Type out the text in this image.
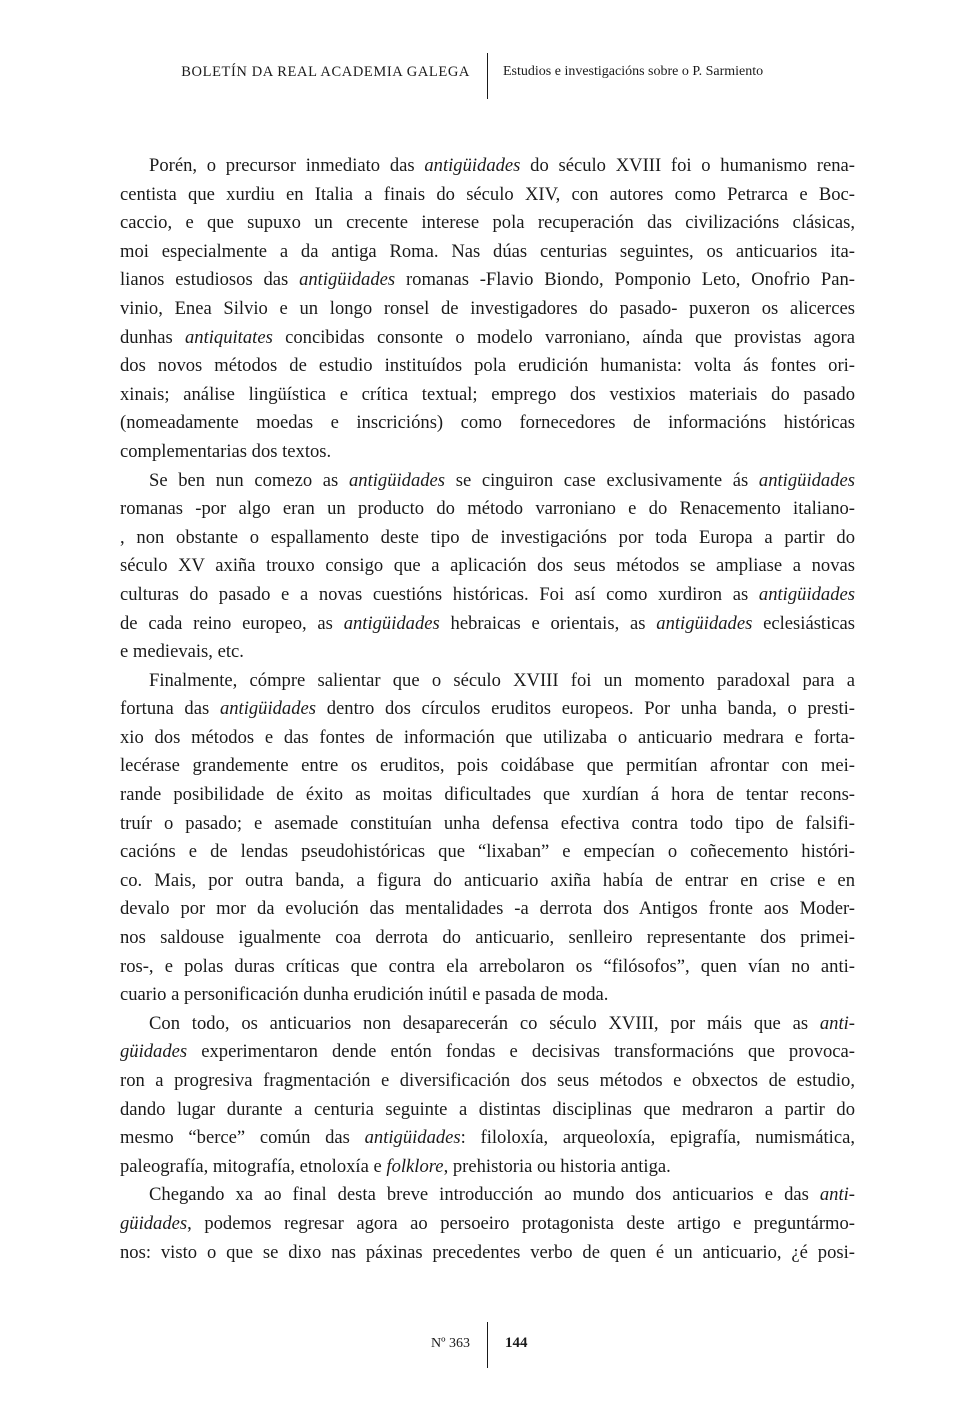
BOLETÍN DA REAL ACADEMIA GALEGA Estudios e investigacións sobre o P. Sarmiento
Porén, o precursor inmediato das antigüidades do século XVIII foi o humanismo rena-
centista que xurdiu en Italia a finais do século XIV, con autores como Petrarca e Boc-
caccio, e que supuxo un crecente interese pola recuperación das civilizacións clásicas,
moi especialmente a da antiga Roma. Nas dúas centurias seguintes, os anticuarios ita-
lianos estudiosos das antigüidades romanas -Flavio Biondo, Pomponio Leto, Onofrio Pan-
vinio, Enea Silvio e un longo ronsel de investigadores do pasado- puxeron os alicerces
dunhas antiquitates concibidas consonte o modelo varroniano, aínda que provistas agora
dos novos métodos de estudio instituídos pola erudición humanista: volta ás fontes ori-
xinais; análise lingüística e crítica textual; emprego dos vestixios materiais do pasado
(nomeadamente moedas e inscricións) como fornecedores de informacións históricas
complementarias dos textos.
Se ben nun comezo as antigüidades se cinguiron case exclusivamente ás antigüidades
romanas -por algo eran un producto do método varroniano e do Renacemento italiano-
, non obstante o espallamento deste tipo de investigacións por toda Europa a partir do
século XV axiña trouxo consigo que a aplicación dos seus métodos se ampliase a novas
culturas do pasado e a novas cuestións históricas. Foi así como xurdiron as antigüidades
de cada reino europeo, as antigüidades hebraicas e orientais, as antigüidades eclesiásticas
e medievais, etc.
Finalmente, cómpre salientar que o século XVIII foi un momento paradoxal para a
fortuna das antigüidades dentro dos círculos eruditos europeos. Por unha banda, o presti-
xio dos métodos e das fontes de información que utilizaba o anticuario medrara e forta-
lecérase grandemente entre os eruditos, pois coidábase que permitían afrontar con mei-
rande posibilidade de éxito as moitas dificultades que xurdían á hora de tentar recons-
truír o pasado; e asemade constituían unha defensa efectiva contra todo tipo de falsifi-
cacións e de lendas pseudohistóricas que “lixaban” e empecían o coñecemento históri-
co. Mais, por outra banda, a figura do anticuario axiña había de entrar en crise e en
devalo por mor da evolución das mentalidades -a derrota dos Antigos fronte aos Moder-
nos saldouse igualmente coa derrota do anticuario, senlleiro representante dos primei-
ros-, e polas duras críticas que contra ela arrebolaron os “filósofos”, quen vían no anti-
cuario a personificación dunha erudición inútil e pasada de moda.
Con todo, os anticuarios non desaparecerán co século XVIII, por máis que as anti-
güidades experimentaron dende entón fondas e decisivas transformacións que provoca-
ron a progresiva fragmentación e diversificación dos seus métodos e obxectos de estudio,
dando lugar durante a centuria seguinte a distintas disciplinas que medraron a partir do
mesmo “berce” común das antigüidades: filoloxía, arqueoloxía, epigrafía, numismática,
paleografía, mitografía, etnoloxía e folklore, prehistoria ou historia antiga.
Chegando xa ao final desta breve introducción ao mundo dos anticuarios e das anti-
güidades, podemos regresar agora ao persoeiro protagonista deste artigo e preguntármo-
nos: visto o que se dixo nas páxinas precedentes verbo de quen é un anticuario, ¿é posi-
Nº 363 144
